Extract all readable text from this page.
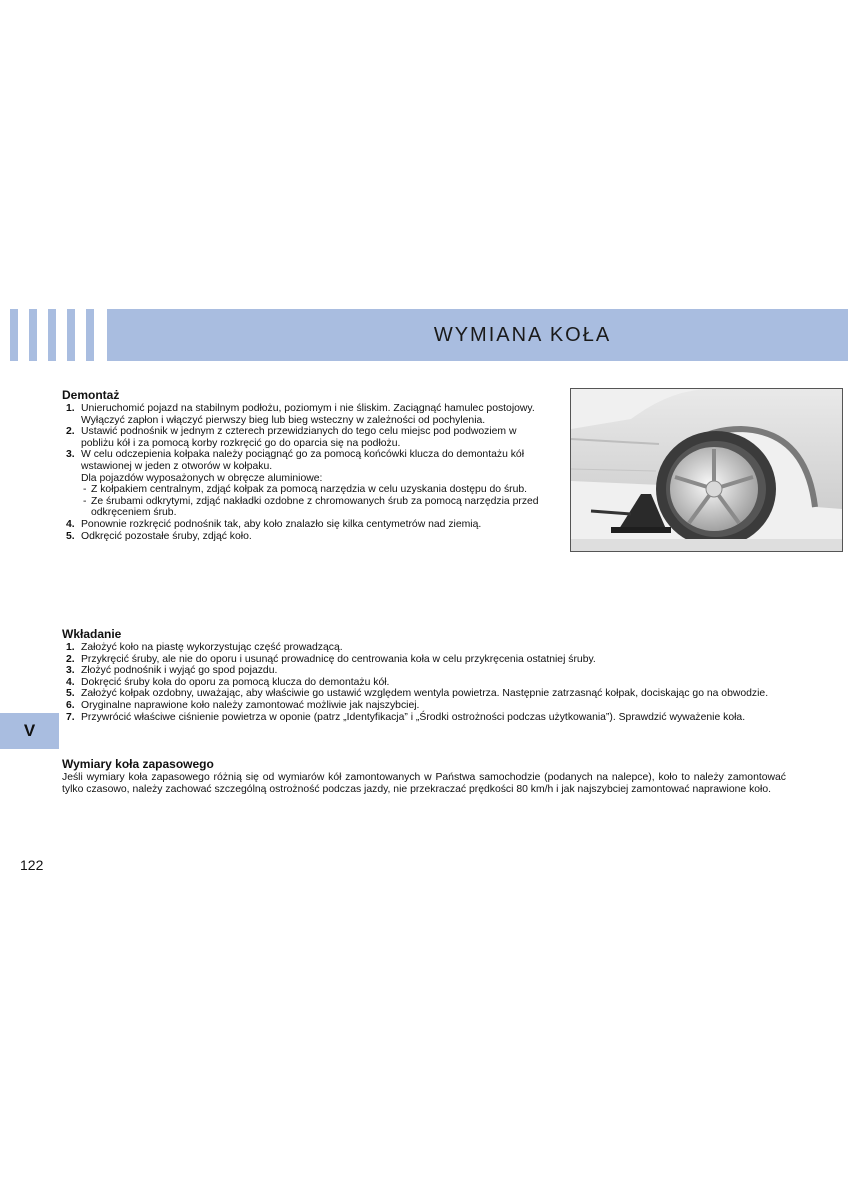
WYMIANA KOŁA
Demontaż
1. Unieruchomić pojazd na stabilnym podłożu, poziomym i nie śliskim. Zaciągnąć hamulec postojowy.
Wyłączyć zapłon i włączyć pierwszy bieg lub bieg wsteczny w zależności od pochylenia.
2. Ustawić podnośnik w jednym z czterech przewidzianych do tego celu miejsc pod podwoziem w pobliżu kół i za pomocą korby rozkręcić go do oparcia się na podłożu.
3. W celu odczepienia kołpaka należy pociągnąć go za pomocą końcówki klucza do demontażu kół wstawionej w jeden z otworów w kołpaku.
Dla pojazdów wyposażonych w obręcze aluminiowe:
- Z kołpakiem centralnym, zdjąć kołpak za pomocą narzędzia w celu uzyskania dostępu do śrub.
- Ze śrubami odkrytymi, zdjąć nakładki ozdobne z chromowanych śrub za pomocą narzędzia przed odkręceniem śrub.
4. Ponownie rozkręcić podnośnik tak, aby koło znalazło się kilka centymetrów nad ziemią.
5. Odkręcić pozostałe śruby, zdjąć koło.
Wkładanie
1. Założyć koło na piastę wykorzystując część prowadzącą.
2. Przykręcić śruby, ale nie do oporu i usunąć prowadnicę do centrowania koła w celu przykręcenia ostatniej śruby.
3. Złożyć podnośnik i wyjąć go spod pojazdu.
4. Dokręcić śruby koła do oporu za pomocą klucza do demontażu kół.
5. Założyć kołpak ozdobny, uważając, aby właściwie go ustawić względem wentyla powietrza. Następnie zatrzasnąć kołpak, dociskając go na obwodzie.
6. Oryginalne naprawione koło należy zamontować możliwie jak najszybciej.
7. Przywrócić właściwe ciśnienie powietrza w oponie (patrz „Identyfikacja” i „Środki ostrożności podczas użytkowania”). Sprawdzić wyważenie koła.
Wymiary koła zapasowego
Jeśli wymiary koła zapasowego różnią się od wymiarów kół zamontowanych w Państwa samochodzie (podanych na nalepce), koło to należy zamontować tylko czasowo, należy zachować szczególną ostrożność podczas jazdy, nie przekraczać prędkości 80 km/h i jak najszybciej zamontować naprawione koło.
V
122
